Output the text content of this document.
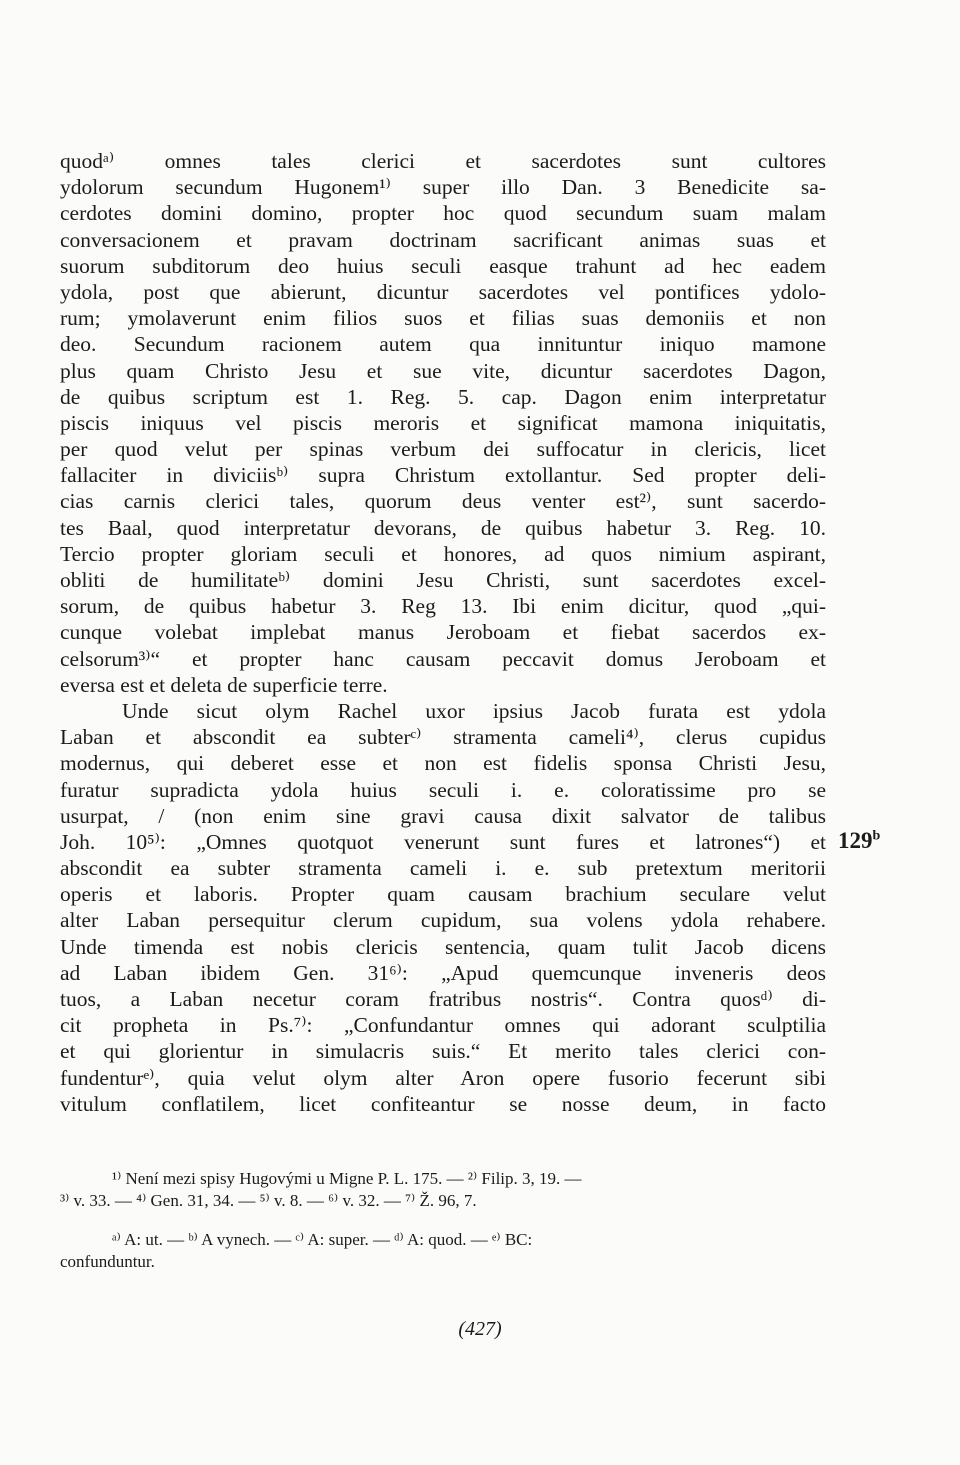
quodᵃ⁾ omnes tales clerici et sacerdotes sunt cultores
ydolorum secundum Hugonem¹⁾ super illo Dan. 3 Benedicite sa-
cerdotes domini domino, propter hoc quod secundum suam malam
conversacionem et pravam doctrinam sacrificant animas suas et
suorum subditorum deo huius seculi easque trahunt ad hec eadem
ydola, post que abierunt, dicuntur sacerdotes vel pontifices ydolo-
rum; ymolaverunt enim filios suos et filias suas demoniis et non
deo. Secundum racionem autem qua innituntur iniquo mamone
plus quam Christo Jesu et sue vite, dicuntur sacerdotes Dagon,
de quibus scriptum est 1. Reg. 5. cap. Dagon enim interpretatur
piscis iniquus vel piscis meroris et significat mamona iniquitatis,
per quod velut per spinas verbum dei suffocatur in clericis, licet
fallaciter in diviciisᵇ⁾ supra Christum extollantur. Sed propter deli-
cias carnis clerici tales, quorum deus venter est²⁾, sunt sacerdo-
tes Baal, quod interpretatur devorans, de quibus habetur 3. Reg. 10.
Tercio propter gloriam seculi et honores, ad quos nimium aspirant,
obliti de humilitateᵇ⁾ domini Jesu Christi, sunt sacerdotes excel-
sorum, de quibus habetur 3. Reg 13. Ibi enim dicitur, quod „qui-
cunque volebat implebat manus Jeroboam et fiebat sacerdos ex-
celsorum³⁾“ et propter hanc causam peccavit domus Jeroboam et
eversa est et deleta de superficie terre.
Unde sicut olym Rachel uxor ipsius Jacob furata est ydola
Laban et abscondit ea subterᶜ⁾ stramenta cameli⁴⁾, clerus cupidus
modernus, qui deberet esse et non est fidelis sponsa Christi Jesu,
furatur supradicta ydola huius seculi i. e. coloratissime pro se
usurpat, / (non enim sine gravi causa dixit salvator de talibus
Joh. 10⁵⁾: „Omnes quotquot venerunt sunt fures et latrones“) et
abscondit ea subter stramenta cameli i. e. sub pretextum meritorii
operis et laboris. Propter quam causam brachium seculare velut
alter Laban persequitur clerum cupidum, sua volens ydola rehabere.
Unde timenda est nobis clericis sentencia, quam tulit Jacob dicens
ad Laban ibidem Gen. 31⁶⁾: „Apud quemcunque inveneris deos
tuos, a Laban necetur coram fratribus nostris“. Contra quosᵈ⁾ di-
cit propheta in Ps.⁷⁾: „Confundantur omnes qui adorant sculptilia
et qui glorientur in simulacris suis.“ Et merito tales clerici con-
fundenturᵉ⁾, quia velut olym alter Aron opere fusorio fecerunt sibi
vitulum conflatilem, licet confiteantur se nosse deum, in facto
129$^b$
¹⁾ Není mezi spisy Hugovými u Migne P. L. 175. — ²⁾ Filip. 3, 19. —
³⁾ v. 33. — ⁴⁾ Gen. 31, 34. — ⁵⁾ v. 8. — ⁶⁾ v. 32. — ⁷⁾ Ž. 96, 7.
ᵃ⁾ A: ut. — ᵇ⁾ A vynech. — ᶜ⁾ A: super. — ᵈ⁾ A: quod. — ᵉ⁾ BC:
confunduntur.
(427)
